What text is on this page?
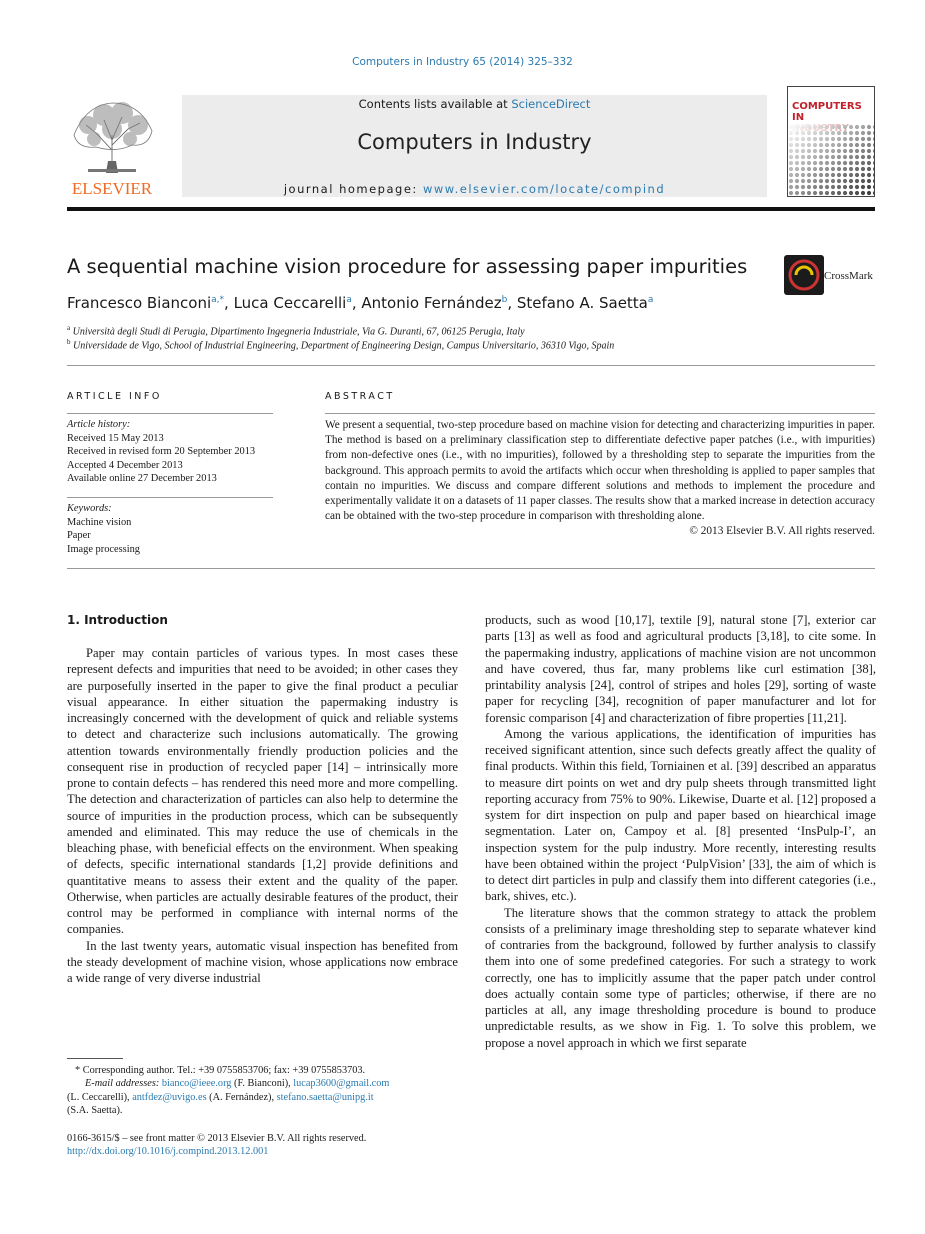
Computers in Industry 65 (2014) 325–332
ELSEVIER
Contents lists available at ScienceDirect
Computers in Industry
journal homepage: www.elsevier.com/locate/compind
COMPUTERS IN
A sequential machine vision procedure for assessing paper impurities	CrossMark
Francesco Bianconi$^{a,*}$, Luca Ceccarelli$^a$, Antonio Fernández$^b$, Stefano A. Saetta$^a$
$^a$ Università degli Studi di Perugia, Dipartimento Ingegneria Industriale, Via G. Duranti, 67, 06125 Perugia, Italy
$^b$ Universidade de Vigo, School of Industrial Engineering, Department of Engineering Design, Campus Universitario, 36310 Vigo, Spain
ARTICLE INFO
Article history:
Received 15 May 2013
Received in revised form 20 September 2013
Accepted 4 December 2013
Available online 27 December 2013
Keywords:
Machine vision
Paper
Image processing
ABSTRACT
We present a sequential, two-step procedure based on machine vision for detecting and characterizing impurities in paper. The method is based on a preliminary classification step to differentiate defective paper patches (i.e., with impurities) from non-defective ones (i.e., with no impurities), followed by a thresholding step to separate the impurities from the background. This approach permits to avoid the artifacts which occur when thresholding is applied to paper samples that contain no impurities. We discuss and compare different solutions and methods to implement the procedure and experimentally validate it on a datasets of 11 paper classes. The results show that a marked increase in detection accuracy can be obtained with the two-step procedure in comparison with thresholding alone.
© 2013 Elsevier B.V. All rights reserved.
1. Introduction

Paper may contain particles of various types. In most cases these represent defects and impurities that need to be avoided; in other cases they are purposefully inserted in the paper to give the final product a peculiar visual appearance. In either situation the papermaking industry is increasingly concerned with the development of quick and reliable systems to detect and characterize such inclusions automatically. The growing attention towards environmentally friendly production policies and the consequent rise in production of recycled paper [14] – intrinsically more prone to contain defects – has rendered this need more and more compelling. The detection and characterization of particles can also help to determine the source of impurities in the production process, which can be subsequently amended and eliminated. This may reduce the use of chemicals in the bleaching phase, with beneficial effects on the environment. When speaking of defects, specific international standards [1,2] provide definitions and quantitative means to assess their extent and the quality of the paper. Otherwise, when particles are actually desirable features of the product, their control may be performed in compliance with internal norms of the companies.

In the last twenty years, automatic visual inspection has benefited from the steady development of machine vision, whose applications now embrace a wide range of very diverse industrial

products, such as wood [10,17], textile [9], natural stone [7], exterior car parts [13] as well as food and agricultural products [3,18], to cite some. In the papermaking industry, applications of machine vision are not uncommon and have covered, thus far, many problems like curl estimation [38], printability analysis [24], control of stripes and holes [29], sorting of waste paper for recycling [34], recognition of paper manufacturer and lot for forensic comparison [4] and characterization of fibre properties [11,21].

Among the various applications, the identification of impurities has received significant attention, since such defects greatly affect the quality of final products. Within this field, Torniainen et al. [39] described an apparatus to measure dirt points on wet and dry pulp sheets through transmitted light reporting accuracy from 75% to 90%. Likewise, Duarte et al. [12] proposed a system for dirt inspection on pulp and paper based on hiearchical image segmentation. Later on, Campoy et al. [8] presented ‘InsPulp-I’, an inspection system for the pulp industry. More recently, interesting results have been obtained within the project ‘PulpVision’ [33], the aim of which is to detect dirt particles in pulp and classify them into different categories (i.e., bark, shives, etc.).

The literature shows that the common strategy to attack the problem consists of a preliminary image thresholding step to separate whatever kind of contraries from the background, followed by further analysis to classify them into one of some predefined categories. For such a strategy to work correctly, one has to implicitly assume that the paper patch under control does actually contain some type of particles; otherwise, if there are no particles at all, any image thresholding procedure is bound to produce unpredictable results, as we show in Fig. 1. To solve this problem, we propose a novel approach in which we first separate

* Corresponding author. Tel.: +39 0755853706; fax: +39 0755853703.
E-mail addresses: bianco@ieee.org (F. Bianconi), lucap3600@gmail.com
(L. Ceccarelli), antfdez@uvigo.es (A. Fernández), stefano.saetta@unipg.it
(S.A. Saetta).
0166-3615/$ – see front matter © 2013 Elsevier B.V. All rights reserved.
http://dx.doi.org/10.1016/j.compind.2013.12.001
